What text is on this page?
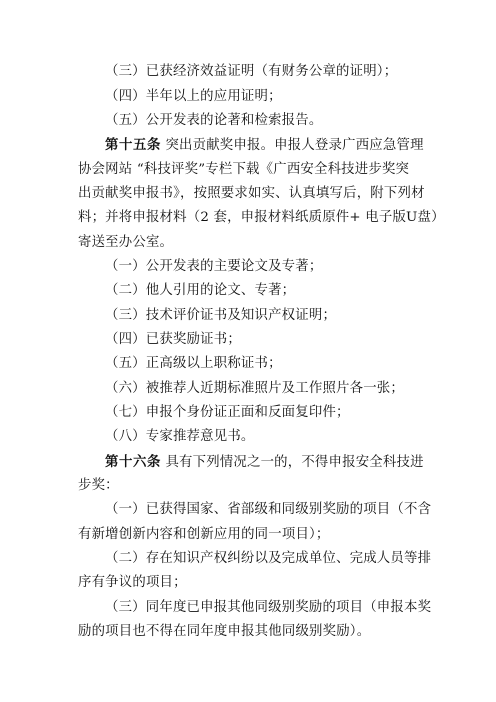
（三）已获经济效益证明（有财务公章的证明）；
（四）半年以上的应用证明；
（五）公开发表的论著和检索报告。
第十五条 突出贡献奖申报。申报人登录广西应急管理
协会网站 “科技评奖”专栏下载《广西安全科技进步奖突
出贡献奖申报书》，按照要求如实、认真填写后，附下列材
料；并将申报材料（2 套，申报材料纸质原件+ 电子版U盘）
寄送至办公室。
（一）公开发表的主要论文及专著；
（二）他人引用的论文、专著；
（三）技术评价证书及知识产权证明；
（四）已获奖励证书；
（五）正高级以上职称证书；
（六）被推荐人近期标准照片及工作照片各一张；
（七）申报个身份证正面和反面复印件；
（八）专家推荐意见书。
第十六条 具有下列情况之一的，不得申报安全科技进
步奖：
（一）已获得国家、省部级和同级别奖励的项目（不含
有新增创新内容和创新应用的同一项目）；
（二）存在知识产权纠纷以及完成单位、完成人员等排
序有争议的项目；
（三）同年度已申报其他同级别奖励的项目（申报本奖
励的项目也不得在同年度申报其他同级别奖励）。
